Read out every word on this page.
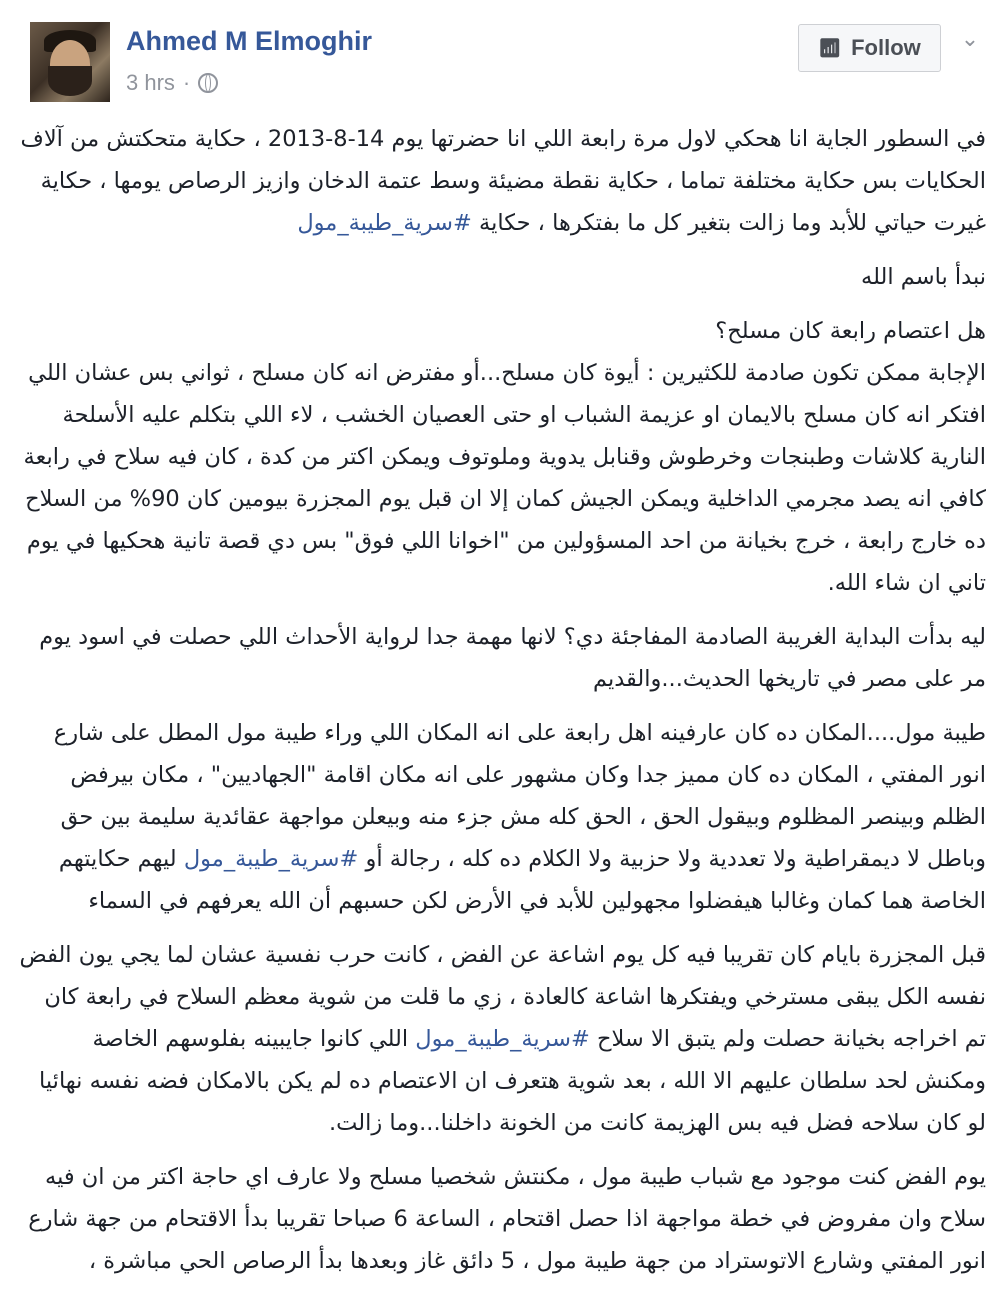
Ahmed M Elmoghir
3 hrs ·
📶︎ Follow ⌄

في السطور الجاية انا هحكي لاول مرة رابعة اللي انا حضرتها يوم 14-8-2013 ، حكاية متحكتش من آلاف الحكايات بس حكاية مختلفة تماما ، حكاية نقطة مضيئة وسط عتمة الدخان وازيز الرصاص يومها ، حكاية غيرت حياتي للأبد وما زالت بتغير كل ما بفتكرها ، حكاية #سرية_طيبة_مول

نبدأ باسم الله

هل اعتصام رابعة كان مسلح؟
الإجابة ممكن تكون صادمة للكثيرين : أيوة كان مسلح...أو مفترض انه كان مسلح ، ثواني بس عشان اللي افتكر انه كان مسلح بالايمان او عزيمة الشباب او حتى العصيان الخشب ، لاء اللي بتكلم عليه الأسلحة النارية كلاشات وطبنجات وخرطوش وقنابل يدوية وملوتوف ويمكن اكتر من كدة ، كان فيه سلاح في رابعة كافي انه يصد مجرمي الداخلية ويمكن الجيش كمان إلا ان قبل يوم المجزرة بيومين كان 90% من السلاح ده خارج رابعة ، خرج بخيانة من احد المسؤولين من "اخوانا اللي فوق" بس دي قصة تانية هحكيها في يوم تاني ان شاء الله.

ليه بدأت البداية الغريبة الصادمة المفاجئة دي؟ لانها مهمة جدا لرواية الأحداث اللي حصلت في اسود يوم مر على مصر في تاريخها الحديث...والقديم

طيبة مول....المكان ده كان عارفينه اهل رابعة على انه المكان اللي وراء طيبة مول المطل على شارع انور المفتي ، المكان ده كان مميز جدا وكان مشهور على انه مكان اقامة "الجهاديين" ، مكان بيرفض الظلم وبينصر المظلوم وبيقول الحق ، الحق كله مش جزء منه وبيعلن مواجهة عقائدية سليمة بين حق وباطل لا ديمقراطية ولا تعددية ولا حزبية ولا الكلام ده كله ، رجالة أو #سرية_طيبة_مول ليهم حكايتهم الخاصة هما كمان وغالبا هيفضلوا مجهولين للأبد في الأرض لكن حسبهم أن الله يعرفهم في السماء

قبل المجزرة بايام كان تقريبا فيه كل يوم اشاعة عن الفض ، كانت حرب نفسية عشان لما يجي يون الفض نفسه الكل يبقى مسترخي ويفتكرها اشاعة كالعادة ، زي ما قلت من شوية معظم السلاح في رابعة كان تم اخراجه بخيانة حصلت ولم يتبق الا سلاح #سرية_طيبة_مول اللي كانوا جايبينه بفلوسهم الخاصة ومكنش لحد سلطان عليهم الا الله ، بعد شوية هتعرف ان الاعتصام ده لم يكن بالامكان فضه نفسه نهائيا لو كان سلاحه فضل فيه بس الهزيمة كانت من الخونة داخلنا...وما زالت.

يوم الفض كنت موجود مع شباب طيبة مول ، مكنتش شخصيا مسلح ولا عارف اي حاجة اكتر من ان فيه سلاح وان مفروض في خطة مواجهة اذا حصل اقتحام ، الساعة 6 صباحا تقريبا بدأ الاقتحام من جهة شارع انور المفتي وشارع الاتوستراد من جهة طيبة مول ، 5 دائق غاز وبعدها بدأ الرصاص الحي مباشرة ،
